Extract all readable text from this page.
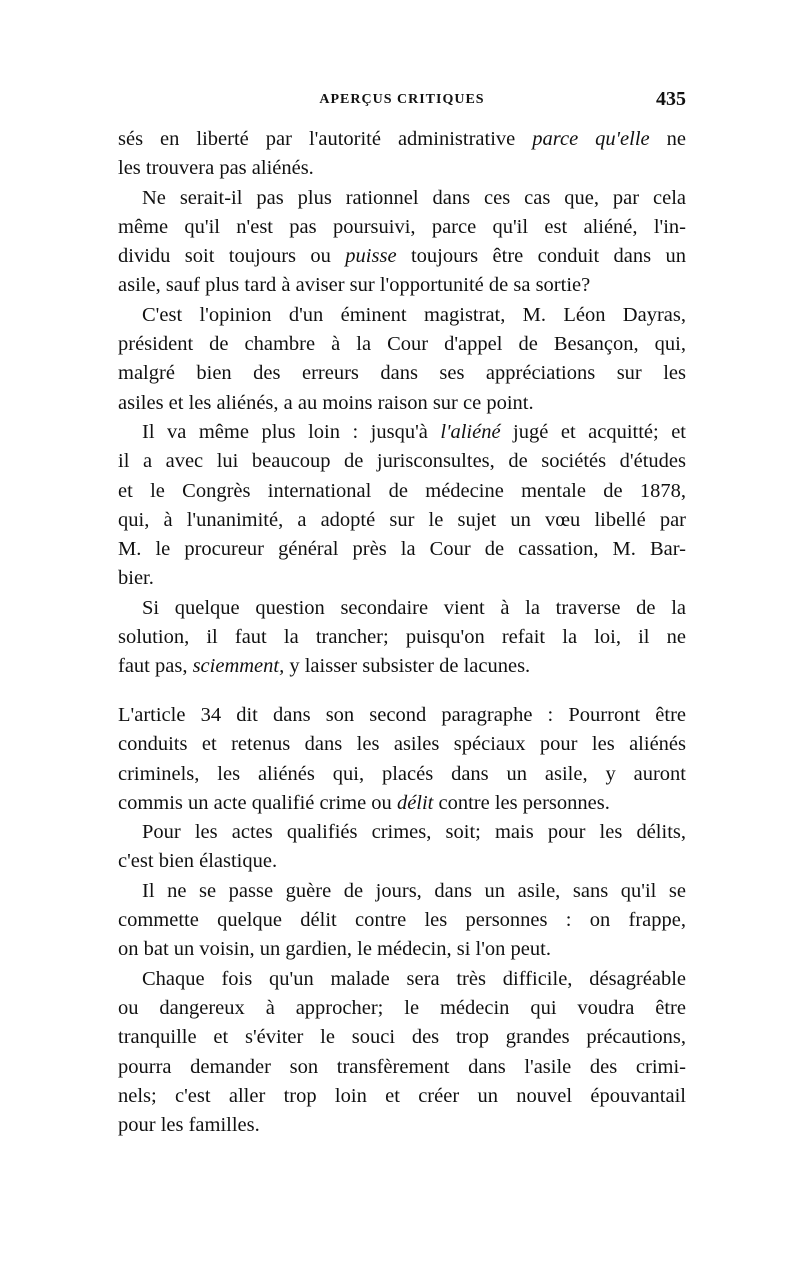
APERÇUS CRITIQUES	435
sés en liberté par l'autorité administrative parce qu'elle ne
les trouvera pas aliénés.
Ne serait-il pas plus rationnel dans ces cas que, par cela
même qu'il n'est pas poursuivi, parce qu'il est aliéné, l'in-
dividu soit toujours ou puisse toujours être conduit dans un
asile, sauf plus tard à aviser sur l'opportunité de sa sortie?
C'est l'opinion d'un éminent magistrat, M. Léon Dayras,
président de chambre à la Cour d'appel de Besançon, qui,
malgré bien des erreurs dans ses appréciations sur les
asiles et les aliénés, a au moins raison sur ce point.
Il va même plus loin : jusqu'à l'aliéné jugé et acquitté; et
il a avec lui beaucoup de jurisconsultes, de sociétés d'études
et le Congrès international de médecine mentale de 1878,
qui, à l'unanimité, a adopté sur le sujet un vœu libellé par
M. le procureur général près la Cour de cassation, M. Bar-
bier.
Si quelque question secondaire vient à la traverse de la
solution, il faut la trancher; puisqu'on refait la loi, il ne
faut pas, sciemment, y laisser subsister de lacunes.
L'article 34 dit dans son second paragraphe : Pourront être
conduits et retenus dans les asiles spéciaux pour les aliénés
criminels, les aliénés qui, placés dans un asile, y auront
commis un acte qualifié crime ou délit contre les personnes.
Pour les actes qualifiés crimes, soit; mais pour les délits,
c'est bien élastique.
Il ne se passe guère de jours, dans un asile, sans qu'il se
commette quelque délit contre les personnes : on frappe,
on bat un voisin, un gardien, le médecin, si l'on peut.
Chaque fois qu'un malade sera très difficile, désagréable
ou dangereux à approcher; le médecin qui voudra être
tranquille et s'éviter le souci des trop grandes précautions,
pourra demander son transfèrement dans l'asile des crimi-
nels; c'est aller trop loin et créer un nouvel épouvantail
pour les familles.
